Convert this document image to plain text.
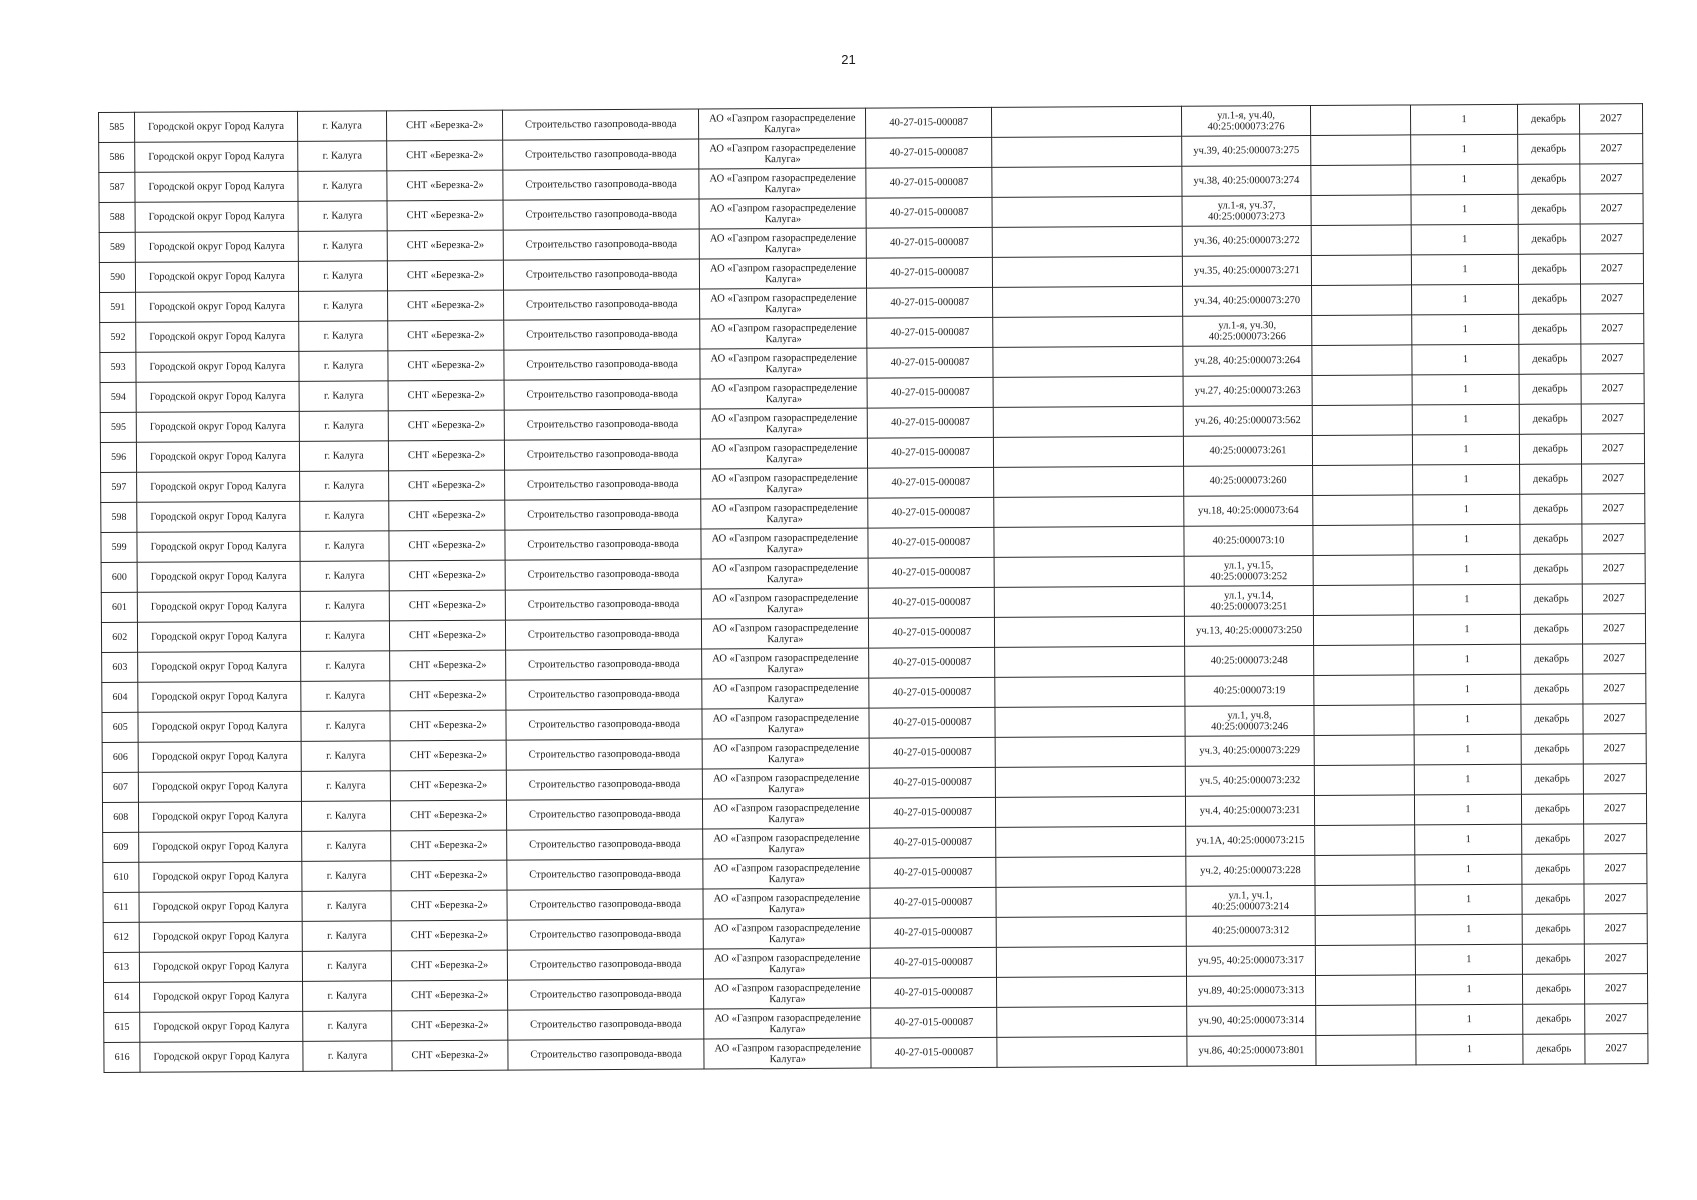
21
585	Городской округ Город Калуга	г. Калуга	СНТ «Березка-2»	Строительство газопровода-ввода	АО «Газпром газораспределение Калуга»	40-27-015-000087		ул.1-я, уч.40, 40:25:000073:276		1	декабрь	2027
586	Городской округ Город Калуга	г. Калуга	СНТ «Березка-2»	Строительство газопровода-ввода	АО «Газпром газораспределение Калуга»	40-27-015-000087		уч.39, 40:25:000073:275		1	декабрь	2027
587	Городской округ Город Калуга	г. Калуга	СНТ «Березка-2»	Строительство газопровода-ввода	АО «Газпром газораспределение Калуга»	40-27-015-000087		уч.38, 40:25:000073:274		1	декабрь	2027
588	Городской округ Город Калуга	г. Калуга	СНТ «Березка-2»	Строительство газопровода-ввода	АО «Газпром газораспределение Калуга»	40-27-015-000087		ул.1-я, уч.37, 40:25:000073:273		1	декабрь	2027
589	Городской округ Город Калуга	г. Калуга	СНТ «Березка-2»	Строительство газопровода-ввода	АО «Газпром газораспределение Калуга»	40-27-015-000087		уч.36, 40:25:000073:272		1	декабрь	2027
590	Городской округ Город Калуга	г. Калуга	СНТ «Березка-2»	Строительство газопровода-ввода	АО «Газпром газораспределение Калуга»	40-27-015-000087		уч.35, 40:25:000073:271		1	декабрь	2027
591	Городской округ Город Калуга	г. Калуга	СНТ «Березка-2»	Строительство газопровода-ввода	АО «Газпром газораспределение Калуга»	40-27-015-000087		уч.34, 40:25:000073:270		1	декабрь	2027
592	Городской округ Город Калуга	г. Калуга	СНТ «Березка-2»	Строительство газопровода-ввода	АО «Газпром газораспределение Калуга»	40-27-015-000087		ул.1-я, уч.30, 40:25:000073:266		1	декабрь	2027
593	Городской округ Город Калуга	г. Калуга	СНТ «Березка-2»	Строительство газопровода-ввода	АО «Газпром газораспределение Калуга»	40-27-015-000087		уч.28, 40:25:000073:264		1	декабрь	2027
594	Городской округ Город Калуга	г. Калуга	СНТ «Березка-2»	Строительство газопровода-ввода	АО «Газпром газораспределение Калуга»	40-27-015-000087		уч.27, 40:25:000073:263		1	декабрь	2027
595	Городской округ Город Калуга	г. Калуга	СНТ «Березка-2»	Строительство газопровода-ввода	АО «Газпром газораспределение Калуга»	40-27-015-000087		уч.26, 40:25:000073:562		1	декабрь	2027
596	Городской округ Город Калуга	г. Калуга	СНТ «Березка-2»	Строительство газопровода-ввода	АО «Газпром газораспределение Калуга»	40-27-015-000087		40:25:000073:261		1	декабрь	2027
597	Городской округ Город Калуга	г. Калуга	СНТ «Березка-2»	Строительство газопровода-ввода	АО «Газпром газораспределение Калуга»	40-27-015-000087		40:25:000073:260		1	декабрь	2027
598	Городской округ Город Калуга	г. Калуга	СНТ «Березка-2»	Строительство газопровода-ввода	АО «Газпром газораспределение Калуга»	40-27-015-000087		уч.18, 40:25:000073:64		1	декабрь	2027
599	Городской округ Город Калуга	г. Калуга	СНТ «Березка-2»	Строительство газопровода-ввода	АО «Газпром газораспределение Калуга»	40-27-015-000087		40:25:000073:10		1	декабрь	2027
600	Городской округ Город Калуга	г. Калуга	СНТ «Березка-2»	Строительство газопровода-ввода	АО «Газпром газораспределение Калуга»	40-27-015-000087		ул.1, уч.15, 40:25:000073:252		1	декабрь	2027
601	Городской округ Город Калуга	г. Калуга	СНТ «Березка-2»	Строительство газопровода-ввода	АО «Газпром газораспределение Калуга»	40-27-015-000087		ул.1, уч.14, 40:25:000073:251		1	декабрь	2027
602	Городской округ Город Калуга	г. Калуга	СНТ «Березка-2»	Строительство газопровода-ввода	АО «Газпром газораспределение Калуга»	40-27-015-000087		уч.13, 40:25:000073:250		1	декабрь	2027
603	Городской округ Город Калуга	г. Калуга	СНТ «Березка-2»	Строительство газопровода-ввода	АО «Газпром газораспределение Калуга»	40-27-015-000087		40:25:000073:248		1	декабрь	2027
604	Городской округ Город Калуга	г. Калуга	СНТ «Березка-2»	Строительство газопровода-ввода	АО «Газпром газораспределение Калуга»	40-27-015-000087		40:25:000073:19		1	декабрь	2027
605	Городской округ Город Калуга	г. Калуга	СНТ «Березка-2»	Строительство газопровода-ввода	АО «Газпром газораспределение Калуга»	40-27-015-000087		ул.1, уч.8, 40:25:000073:246		1	декабрь	2027
606	Городской округ Город Калуга	г. Калуга	СНТ «Березка-2»	Строительство газопровода-ввода	АО «Газпром газораспределение Калуга»	40-27-015-000087		уч.3, 40:25:000073:229		1	декабрь	2027
607	Городской округ Город Калуга	г. Калуга	СНТ «Березка-2»	Строительство газопровода-ввода	АО «Газпром газораспределение Калуга»	40-27-015-000087		уч.5, 40:25:000073:232		1	декабрь	2027
608	Городской округ Город Калуга	г. Калуга	СНТ «Березка-2»	Строительство газопровода-ввода	АО «Газпром газораспределение Калуга»	40-27-015-000087		уч.4, 40:25:000073:231		1	декабрь	2027
609	Городской округ Город Калуга	г. Калуга	СНТ «Березка-2»	Строительство газопровода-ввода	АО «Газпром газораспределение Калуга»	40-27-015-000087		уч.1А, 40:25:000073:215		1	декабрь	2027
610	Городской округ Город Калуга	г. Калуга	СНТ «Березка-2»	Строительство газопровода-ввода	АО «Газпром газораспределение Калуга»	40-27-015-000087		уч.2, 40:25:000073:228		1	декабрь	2027
611	Городской округ Город Калуга	г. Калуга	СНТ «Березка-2»	Строительство газопровода-ввода	АО «Газпром газораспределение Калуга»	40-27-015-000087		ул.1, уч.1, 40:25:000073:214		1	декабрь	2027
612	Городской округ Город Калуга	г. Калуга	СНТ «Березка-2»	Строительство газопровода-ввода	АО «Газпром газораспределение Калуга»	40-27-015-000087		40:25:000073:312		1	декабрь	2027
613	Городской округ Город Калуга	г. Калуга	СНТ «Березка-2»	Строительство газопровода-ввода	АО «Газпром газораспределение Калуга»	40-27-015-000087		уч.95, 40:25:000073:317		1	декабрь	2027
614	Городской округ Город Калуга	г. Калуга	СНТ «Березка-2»	Строительство газопровода-ввода	АО «Газпром газораспределение Калуга»	40-27-015-000087		уч.89, 40:25:000073:313		1	декабрь	2027
615	Городской округ Город Калуга	г. Калуга	СНТ «Березка-2»	Строительство газопровода-ввода	АО «Газпром газораспределение Калуга»	40-27-015-000087		уч.90, 40:25:000073:314		1	декабрь	2027
616	Городской округ Город Калуга	г. Калуга	СНТ «Березка-2»	Строительство газопровода-ввода	АО «Газпром газораспределение Калуга»	40-27-015-000087		уч.86, 40:25:000073:801		1	декабрь	2027
